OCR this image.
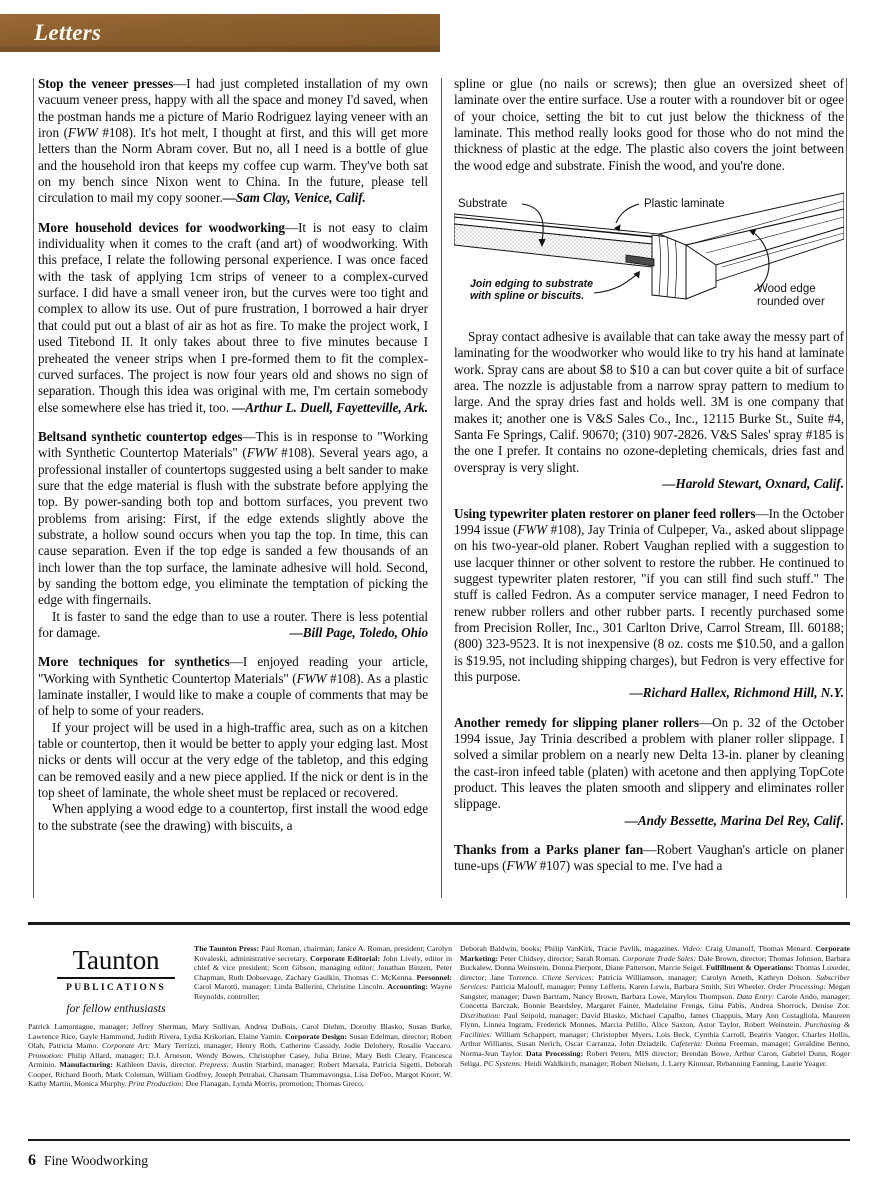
Letters

Stop the veneer presses—I had just completed installation of my own vacuum veneer press, happy with all the space and money I'd saved, when the postman hands me a picture of Mario Rodriguez laying veneer with an iron (FWW #108). It's hot melt, I thought at first, and this will get more letters than the Norm Abram cover. But no, all I need is a bottle of glue and the household iron that keeps my coffee cup warm. They've both sat on my bench since Nixon went to China. In the future, please tell circulation to mail my copy sooner.—Sam Clay, Venice, Calif.

More household devices for woodworking—It is not easy to claim individuality when it comes to the craft (and art) of woodworking. With this preface, I relate the following personal experience. I was once faced with the task of applying 1cm strips of veneer to a complex-curved surface. I did have a small veneer iron, but the curves were too tight and complex to allow its use. Out of pure frustration, I borrowed a hair dryer that could put out a blast of air as hot as fire. To make the project work, I used Titebond II. It only takes about three to five minutes because I preheated the veneer strips when I pre-formed them to fit the complex-curved surfaces. The project is now four years old and shows no sign of separation. Though this idea was original with me, I'm certain somebody else somewhere else has tried it, too. —Arthur L. Duell, Fayetteville, Ark.

Beltsand synthetic countertop edges—This is in response to "Working with Synthetic Countertop Materials" (FWW #108). Several years ago, a professional installer of countertops suggested using a belt sander to make sure that the edge material is flush with the substrate before applying the top. By power-sanding both top and bottom surfaces, you prevent two problems from arising: First, if the edge extends slightly above the substrate, a hollow sound occurs when you tap the top. In time, this can cause separation. Even if the top edge is sanded a few thousands of an inch lower than the top surface, the laminate adhesive will hold. Second, by sanding the bottom edge, you eliminate the temptation of picking the edge with fingernails.

It is faster to sand the edge than to use a router. There is less potential for damage.	—Bill Page, Toledo, Ohio

More techniques for synthetics—I enjoyed reading your article, "Working with Synthetic Countertop Materials" (FWW #108). As a plastic laminate installer, I would like to make a couple of comments that may be of help to some of your readers.

If your project will be used in a high-traffic area, such as on a kitchen table or countertop, then it would be better to apply your edging last. Most nicks or dents will occur at the very edge of the tabletop, and this edging can be removed easily and a new piece applied. If the nick or dent is in the top sheet of laminate, the whole sheet must be replaced or recovered.

When applying a wood edge to a countertop, first install the wood edge to the substrate (see the drawing) with biscuits, a

spline or glue (no nails or screws); then glue an oversized sheet of laminate over the entire surface. Use a router with a roundover bit or ogee of your choice, setting the bit to cut just below the thickness of the laminate. This method really looks good for those who do not mind the thickness of plastic at the edge. The plastic also covers the joint between the wood edge and substrate. Finish the wood, and you're done.

Substrate	Plastic laminate
Join edging to substrate
with spline or biscuits.
Wood edge
rounded over

Spray contact adhesive is available that can take away the messy part of laminating for the woodworker who would like to try his hand at laminate work. Spray cans are about $8 to $10 a can but cover quite a bit of surface area. The nozzle is adjustable from a narrow spray pattern to medium to large. And the spray dries fast and holds well. 3M is one company that makes it; another one is V&S Sales Co., Inc., 12115 Burke St., Suite #4, Santa Fe Springs, Calif. 90670; (310) 907-2826. V&S Sales' spray #185 is the one I prefer. It contains no ozone-depleting chemicals, dries fast and overspray is very slight.

—Harold Stewart, Oxnard, Calif.

Using typewriter platen restorer on planer feed rollers—In the October 1994 issue (FWW #108), Jay Trinia of Culpeper, Va., asked about slippage on his two-year-old planer. Robert Vaughan replied with a suggestion to use lacquer thinner or other solvent to restore the rubber. He continued to suggest typewriter platen restorer, "if you can still find such stuff." The stuff is called Fedron. As a computer service manager, I need Fedron to renew rubber rollers and other rubber parts. I recently purchased some from Precision Roller, Inc., 301 Carlton Drive, Carrol Stream, Ill. 60188; (800) 323-9523. It is not inexpensive (8 oz. costs me $10.50, and a gallon is $19.95, not including shipping charges), but Fedron is very effective for this purpose.

—Richard Hallex, Richmond Hill, N.Y.

Another remedy for slipping planer rollers—On p. 32 of the October 1994 issue, Jay Trinia described a problem with planer roller slippage. I solved a similar problem on a nearly new Delta 13-in. planer by cleaning the cast-iron infeed table (platen) with acetone and then applying TopCote product. This leaves the platen smooth and slippery and eliminates roller slippage.

—Andy Bessette, Marina Del Rey, Calif.

Thanks from a Parks planer fan—Robert Vaughan's article on planer tune-ups (FWW #107) was special to me. I've had a

Taunton
PUBLICATIONS
for fellow enthusiasts
The Taunton Press: Paul Roman, chairman; Janice A. Roman, president; Carolyn Kovaleski, administrative secretary. Corporate Editorial: John Lively, editor in chief & vice president; Scott Gibson, managing editor; Jonathan Binzen, Peter Chapman, Ruth Dobsevage, Zachary Gaulkin, Thomas C. McKenna. Personnel: Carol Marotti, manager; Linda Ballerini, Christine Lincoln. Accounting: Wayne Reynolds, controller;
Patrick Lamontagne, manager; Jeffrey Sherman, Mary Sullivan, Andrea DuBois, Carol Diehm, Dorothy Blasko, Susan Burke, Lawrence Rice, Gayle Hammond, Judith Rivera, Lydia Krikorian, Elaine Yamin. Corporate Design: Susan Edelman, director; Robert Olah, Patricia Mamo. Corporate Art: Mary Terrizzi, manager; Henry Roth, Catherine Cassidy, Jodie Delohery, Rosalie Vaccaro. Promotion: Philip Allard, manager; D.J. Arneson, Wendy Bowes, Christopher Casey, Julia Brine, Mary Beth Cleary, Francesca Arminio. Manufacturing: Kathleen Davis, director. Prepress: Austin Starbird, manager; Robert Marsala, Patricia Sigetti, Deborah Cooper, Richard Booth, Mark Coleman, William Godfrey, Joseph Petrahai, Chansam Thammavongsa, Lisa DeFeo, Margot Knorr, W. Kathy Martin, Monica Murphy. Print Production: Dee Flanagan, Lynda Morris, promotion; Thomas Greco,
Deborah Baldwin, books; Philip VanKirk, Tracie Pavlik, magazines. Video: Craig Umanoff, Thomas Menard. Corporate Marketing: Peter Chidsey, director; Sarah Roman. Corporate Trade Sales: Dale Brown, director; Thomas Johnson, Barbara Buckalew, Donna Weinstein, Donna Pierpont, Diane Patterson, Marcie Seigel. Fulfillment & Operations: Thomas Luxeder, director; Jane Torrence. Client Services: Patricia Williamson, manager; Carolyn Arneth, Kathryn Dolson. Subscriber Services: Patricia Malouff, manager; Penny Lefferts, Karen Lewis, Barbara Smith, Siri Wheeler. Order Processing: Megan Sangster, manager; Dawn Bartram, Nancy Brown, Barbara Lowe, Marylou Thompson. Data Entry: Carole Ando, manager; Concetta Barczak, Bonnie Beardsley, Margaret Fainer, Madelaine Frengs, Gina Pabis, Andrea Shorrock, Denise Zor. Distribution: Paul Seipold, manager; David Blasko, Michael Capalbo, James Chappuis, Mary Ann Costagliola, Maureen Flynn, Linnea Ingram, Frederick Monnes, Marcia Pelillo, Alice Saxton, Astor Taylor, Robert Weinstein. Purchasing & Facilities: William Schappert, manager; Christopher Myers, Lois Beck, Cynthia Carroll, Beatrix Vangor, Charles Hollis, Arthur Williams, Susan Nerich, Oscar Carranza, John Dziadzik. Cafeteria: Donna Freeman, manager; Geraldine Benno, Norma-Jean Taylor. Data Processing: Robert Peters, MIS director; Brendan Bowe, Arthur Caron, Gabriel Dunn, Roger Seliga. PC Systems: Heidi Waldkirch, manager; Robert Nielsen, J. Larry Kinnear, Rebanning Fanning, Laurie Yeager.
6 Fine Woodworking
